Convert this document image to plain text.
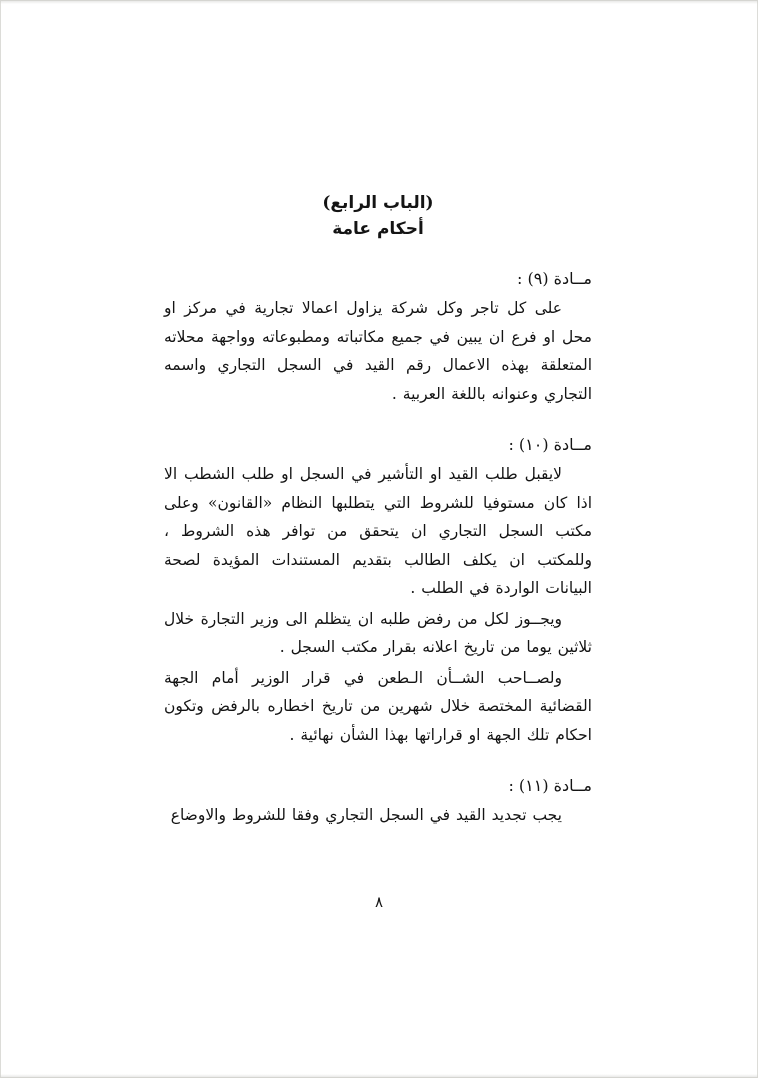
(الباب الرابع)
أحكام عامة
مــادة (٩) :

على كل تاجر وكل شركة يزاول اعمالا تجارية في مركز او محل او فرع ان يبين في جميع مكاتباته ومطبوعاته وواجهة محلاته المتعلقة بهذه الاعمال رقم القيد في السجل التجاري واسمه التجاري وعنوانه باللغة العربية .

مــادة (١٠) :

لايقبل طلب القيد او التأشير في السجل او طلب الشطب الا اذا كان مستوفيا للشروط التي يتطلبها النظام «القانون» وعلى مكتب السجل التجاري ان يتحقق من توافر هذه الشروط ، وللمكتب ان يكلف الطالب بتقديم المستندات المؤيدة لصحة البيانات الواردة في الطلب .

ويجــوز لكل من رفض طلبه ان يتظلم الى وزير التجارة خلال ثلاثين يوما من تاريخ اعلانه بقرار مكتب السجل .

ولصــاحب الشــأن الـطعن في قرار الوزير أمام الجهة القضائية المختصة خلال شهرين من تاريخ اخطاره بالرفض وتكون احكام تلك الجهة او قراراتها بهذا الشأن نهائية .

مــادة (١١) :

يجب تجديد القيد في السجل التجاري وفقا للشروط والاوضاع

٨
